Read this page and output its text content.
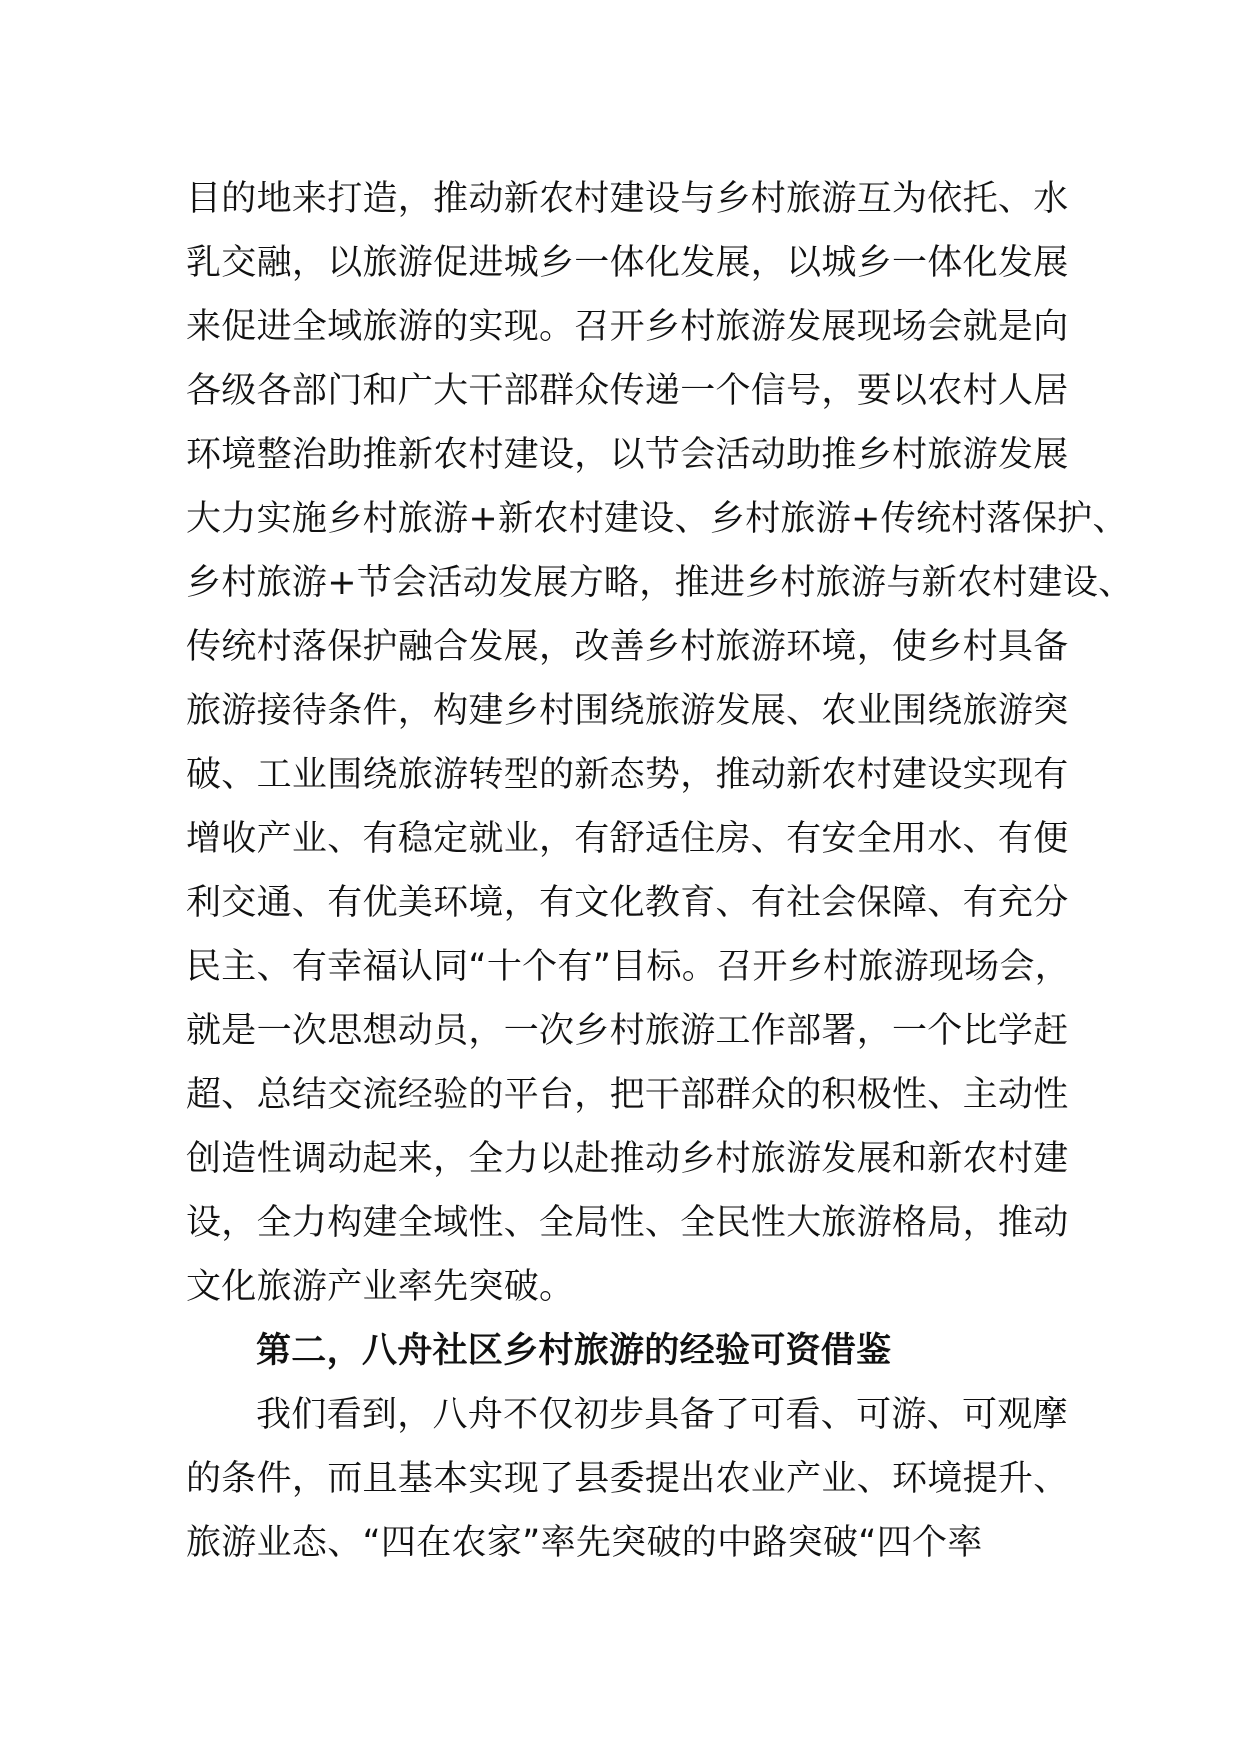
目的地来打造，推动新农村建设与乡村旅游互为依托、水
乳交融，以旅游促进城乡一体化发展，以城乡一体化发展
来促进全域旅游的实现。召开乡村旅游发展现场会就是向
各级各部门和广大干部群众传递一个信号，要以农村人居
环境整治助推新农村建设，以节会活动助推乡村旅游发展
大力实施乡村旅游+新农村建设、乡村旅游+传统村落保护、
乡村旅游+节会活动发展方略，推进乡村旅游与新农村建设、
传统村落保护融合发展，改善乡村旅游环境，使乡村具备
旅游接待条件，构建乡村围绕旅游发展、农业围绕旅游突
破、工业围绕旅游转型的新态势，推动新农村建设实现有
增收产业、有稳定就业，有舒适住房、有安全用水、有便
利交通、有优美环境，有文化教育、有社会保障、有充分
民主、有幸福认同“十个有”目标。召开乡村旅游现场会，
就是一次思想动员，一次乡村旅游工作部署，一个比学赶
超、总结交流经验的平台，把干部群众的积极性、主动性
创造性调动起来，全力以赴推动乡村旅游发展和新农村建
设，全力构建全域性、全局性、全民性大旅游格局，推动
文化旅游产业率先突破。
第二，八舟社区乡村旅游的经验可资借鉴
我们看到，八舟不仅初步具备了可看、可游、可观摩
的条件，而且基本实现了县委提出农业产业、环境提升、
旅游业态、“四在农家”率先突破的中路突破“四个率
